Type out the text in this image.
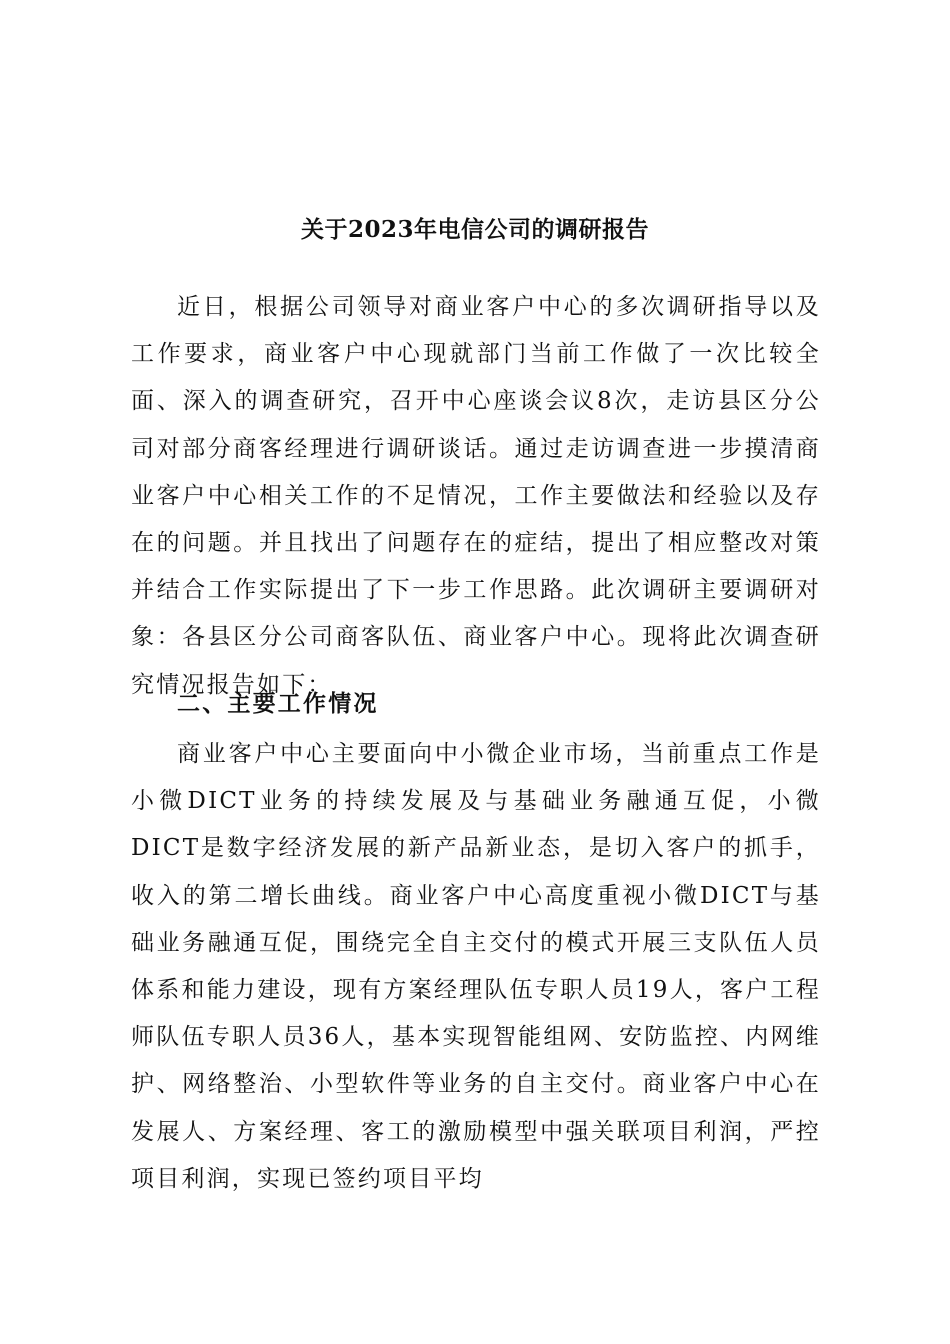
关于2023年电信公司的调研报告

近日，根据公司领导对商业客户中心的多次调研指导以及工作要求，商业客户中心现就部门当前工作做了一次比较全面、深入的调查研究，召开中心座谈会议8次，走访县区分公司对部分商客经理进行调研谈话。通过走访调查进一步摸清商业客户中心相关工作的不足情况，工作主要做法和经验以及存在的问题。并且找出了问题存在的症结，提出了相应整改对策并结合工作实际提出了下一步工作思路。此次调研主要调研对象：各县区分公司商客队伍、商业客户中心。现将此次调查研究情况报告如下：

二、主要工作情况

商业客户中心主要面向中小微企业市场，当前重点工作是小微DICT业务的持续发展及与基础业务融通互促，小微DICT是数字经济发展的新产品新业态，是切入客户的抓手，收入的第二增长曲线。商业客户中心高度重视小微DICT与基础业务融通互促，围绕完全自主交付的模式开展三支队伍人员体系和能力建设，现有方案经理队伍专职人员19人，客户工程师队伍专职人员36人，基本实现智能组网、安防监控、内网维护、网络整治、小型软件等业务的自主交付。商业客户中心在发展人、方案经理、客工的激励模型中强关联项目利润，严控项目利润，实现已签约项目平均
